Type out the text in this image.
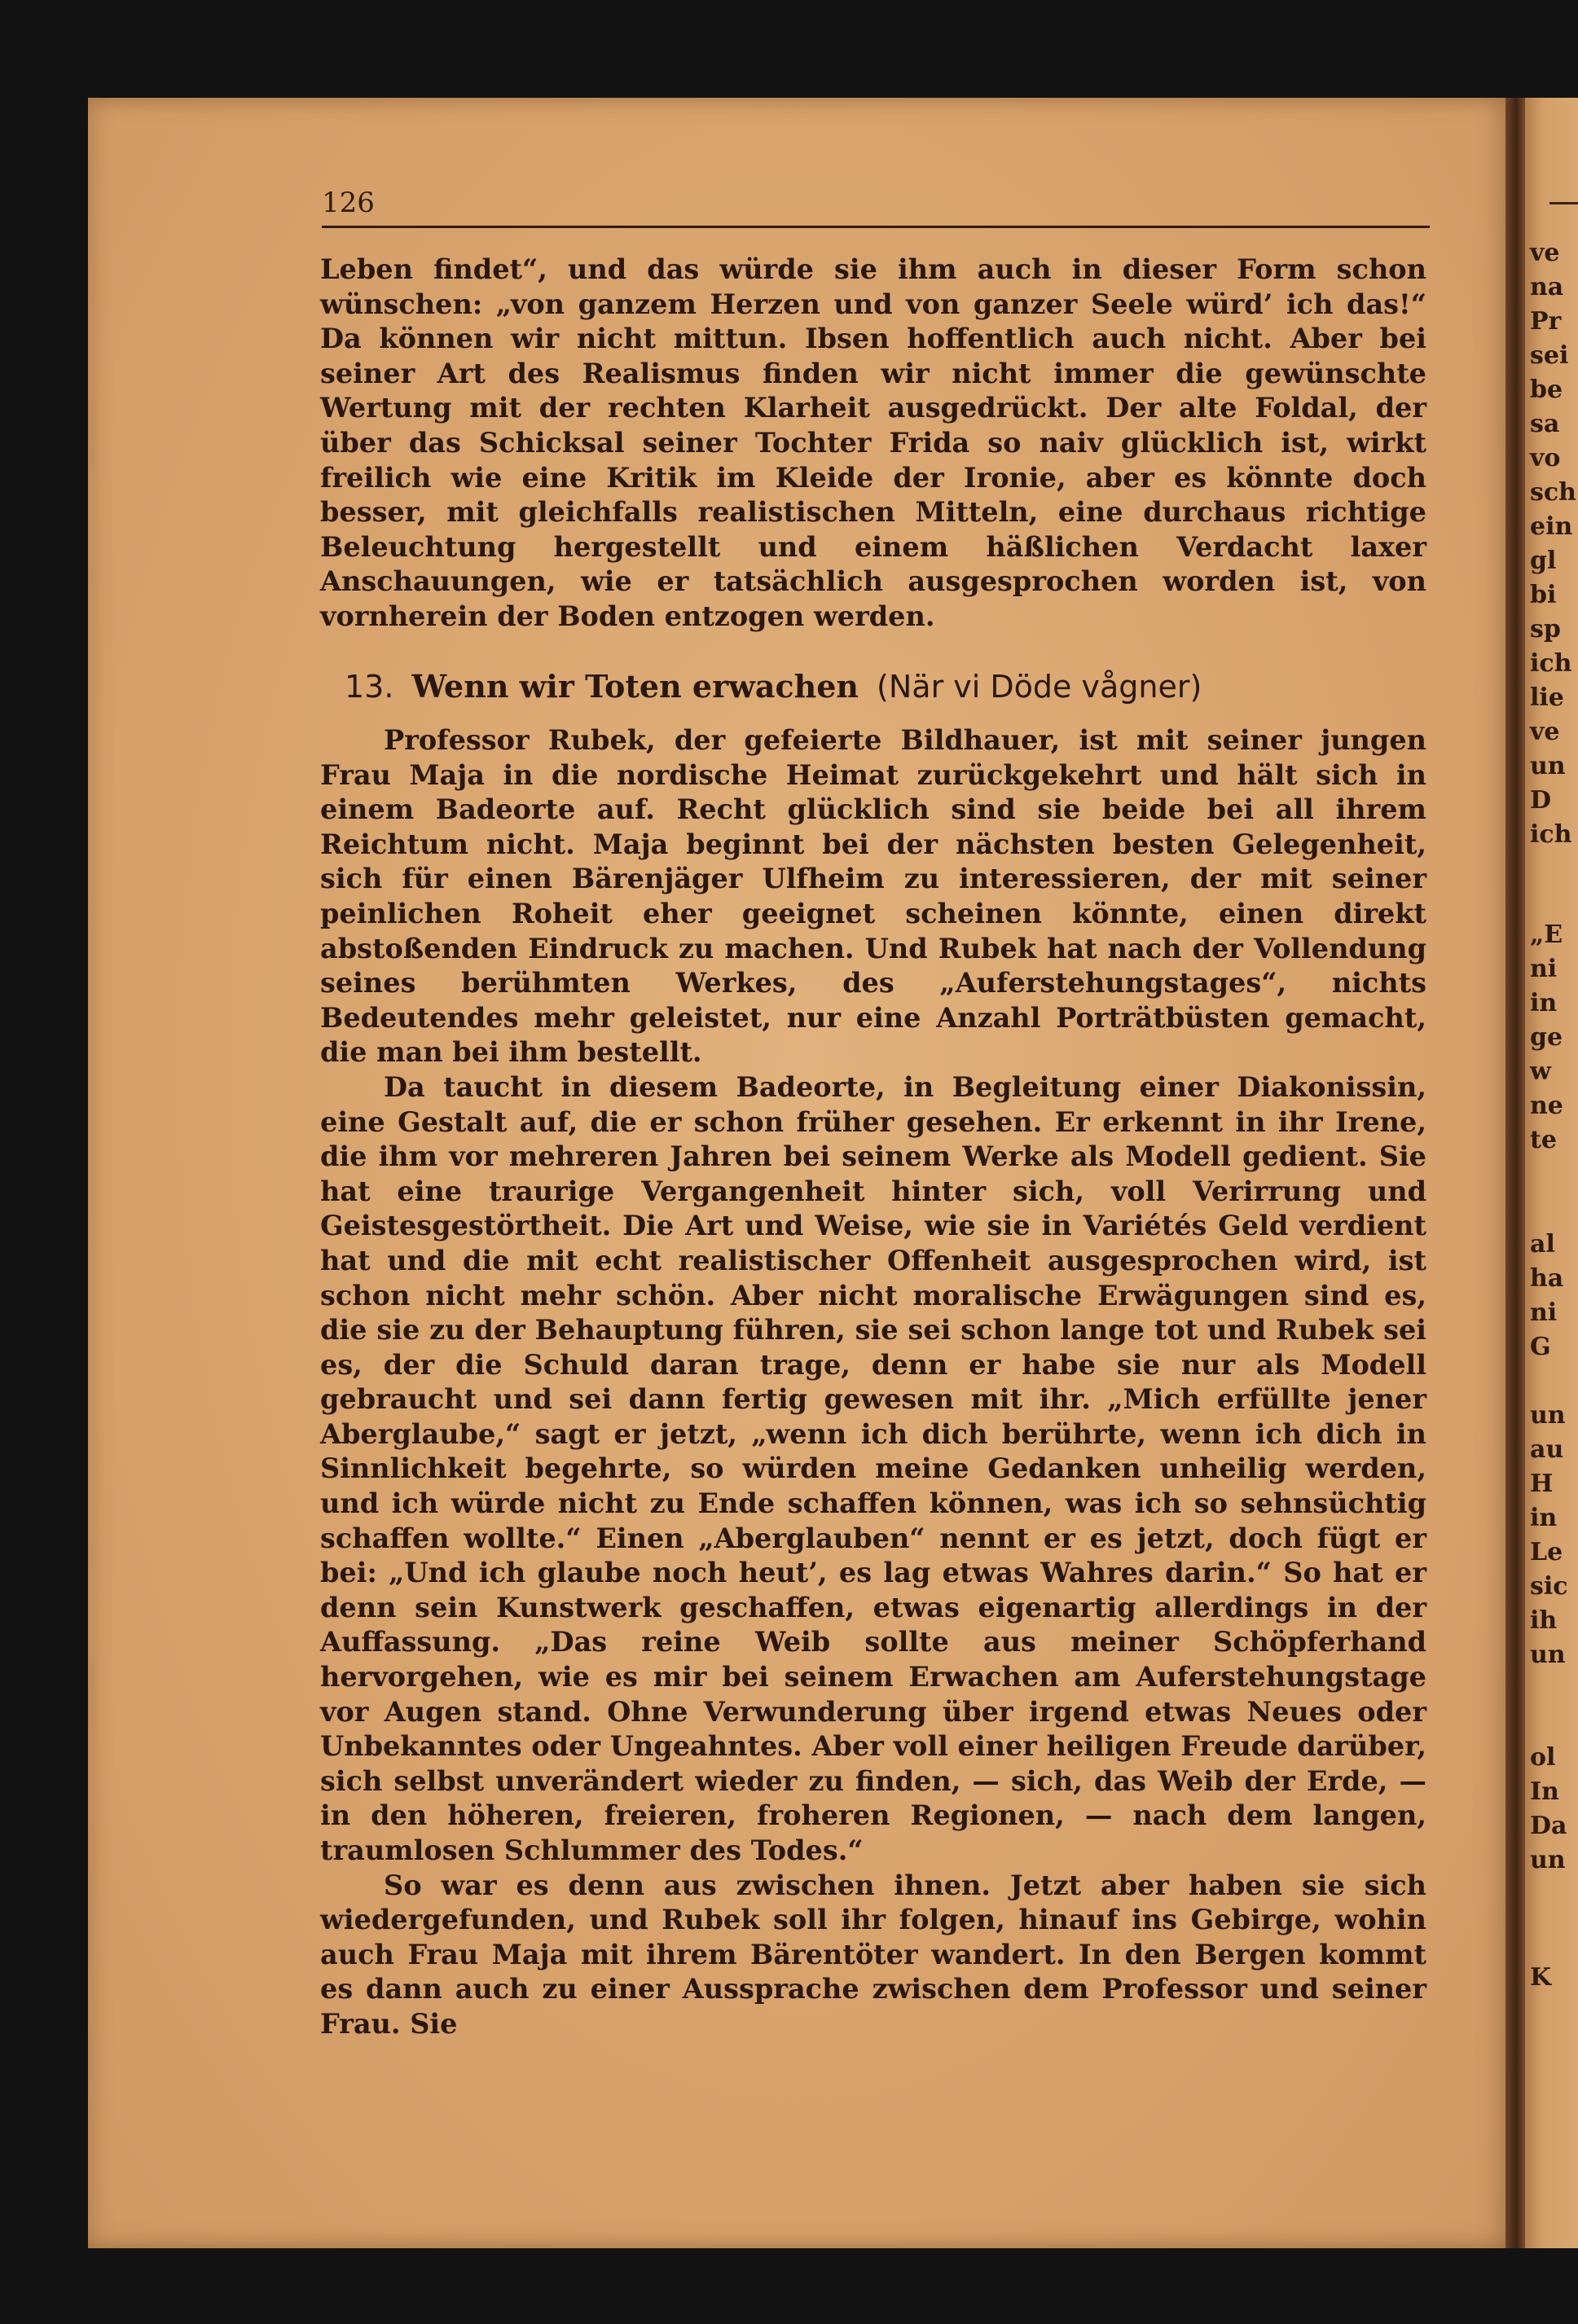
ve
na
Pr
sei
be
sa
vo
sch
ein
gl
bi
sp
ich
lie
ve
un
D
ich
„E
ni
in
ge
w
ne
te
al
ha
ni
G
un
au
H
in
Le
sic
ih
un
ol
In
Da
un
K
126

Leben findet“, und das würde sie ihm auch in dieser Form schon wünschen: „von ganzem Herzen und von ganzer Seele würd’ ich das!“ Da können wir nicht mittun. Ibsen hoffentlich auch nicht. Aber bei seiner Art des Realismus finden wir nicht immer die gewünschte Wertung mit der rechten Klarheit ausgedrückt. Der alte Foldal, der über das Schicksal seiner Tochter Frida so naiv glücklich ist, wirkt freilich wie eine Kritik im Kleide der Ironie, aber es könnte doch besser, mit gleichfalls realistischen Mitteln, eine durchaus richtige Beleuchtung hergestellt und einem häßlichen Verdacht laxer Anschauungen, wie er tatsächlich ausgesprochen worden ist, von vornherein der Boden entzogen werden.

13. Wenn wir Toten erwachen (När vi Döde vågner)

Professor Rubek, der gefeierte Bildhauer, ist mit seiner jungen Frau Maja in die nordische Heimat zurückgekehrt und hält sich in einem Badeorte auf. Recht glücklich sind sie beide bei all ihrem Reichtum nicht. Maja beginnt bei der nächsten besten Gelegenheit, sich für einen Bärenjäger Ulfheim zu interessieren, der mit seiner peinlichen Roheit eher geeignet scheinen könnte, einen direkt abstoßenden Eindruck zu machen. Und Rubek hat nach der Vollendung seines berühmten Werkes, des „Auferstehungstages“, nichts Bedeutendes mehr geleistet, nur eine Anzahl Porträtbüsten gemacht, die man bei ihm bestellt.

Da taucht in diesem Badeorte, in Begleitung einer Diakonissin, eine Gestalt auf, die er schon früher gesehen. Er erkennt in ihr Irene, die ihm vor mehreren Jahren bei seinem Werke als Modell gedient. Sie hat eine traurige Vergangenheit hinter sich, voll Verirrung und Geistesgestörtheit. Die Art und Weise, wie sie in Variétés Geld verdient hat und die mit echt realistischer Offenheit ausgesprochen wird, ist schon nicht mehr schön. Aber nicht moralische Erwägungen sind es, die sie zu der Behauptung führen, sie sei schon lange tot und Rubek sei es, der die Schuld daran trage, denn er habe sie nur als Modell gebraucht und sei dann fertig gewesen mit ihr. „Mich erfüllte jener Aberglaube,“ sagt er jetzt, „wenn ich dich berührte, wenn ich dich in Sinnlichkeit begehrte, so würden meine Gedanken unheilig werden, und ich würde nicht zu Ende schaffen können, was ich so sehnsüchtig schaffen wollte.“ Einen „Aberglauben“ nennt er es jetzt, doch fügt er bei: „Und ich glaube noch heut’, es lag etwas Wahres darin.“ So hat er denn sein Kunstwerk geschaffen, etwas eigenartig allerdings in der Auffassung. „Das reine Weib sollte aus meiner Schöpferhand hervorgehen, wie es mir bei seinem Erwachen am Auferstehungstage vor Augen stand. Ohne Verwunderung über irgend etwas Neues oder Unbekanntes oder Ungeahntes. Aber voll einer heiligen Freude darüber, sich selbst unverändert wieder zu finden, — sich, das Weib der Erde, — in den höheren, freieren, froheren Regionen, — nach dem langen, traumlosen Schlummer des Todes.“

So war es denn aus zwischen ihnen. Jetzt aber haben sie sich wiedergefunden, und Rubek soll ihr folgen, hinauf ins Gebirge, wohin auch Frau Maja mit ihrem Bärentöter wandert. In den Bergen kommt es dann auch zu einer Aussprache zwischen dem Professor und seiner Frau. Sie
